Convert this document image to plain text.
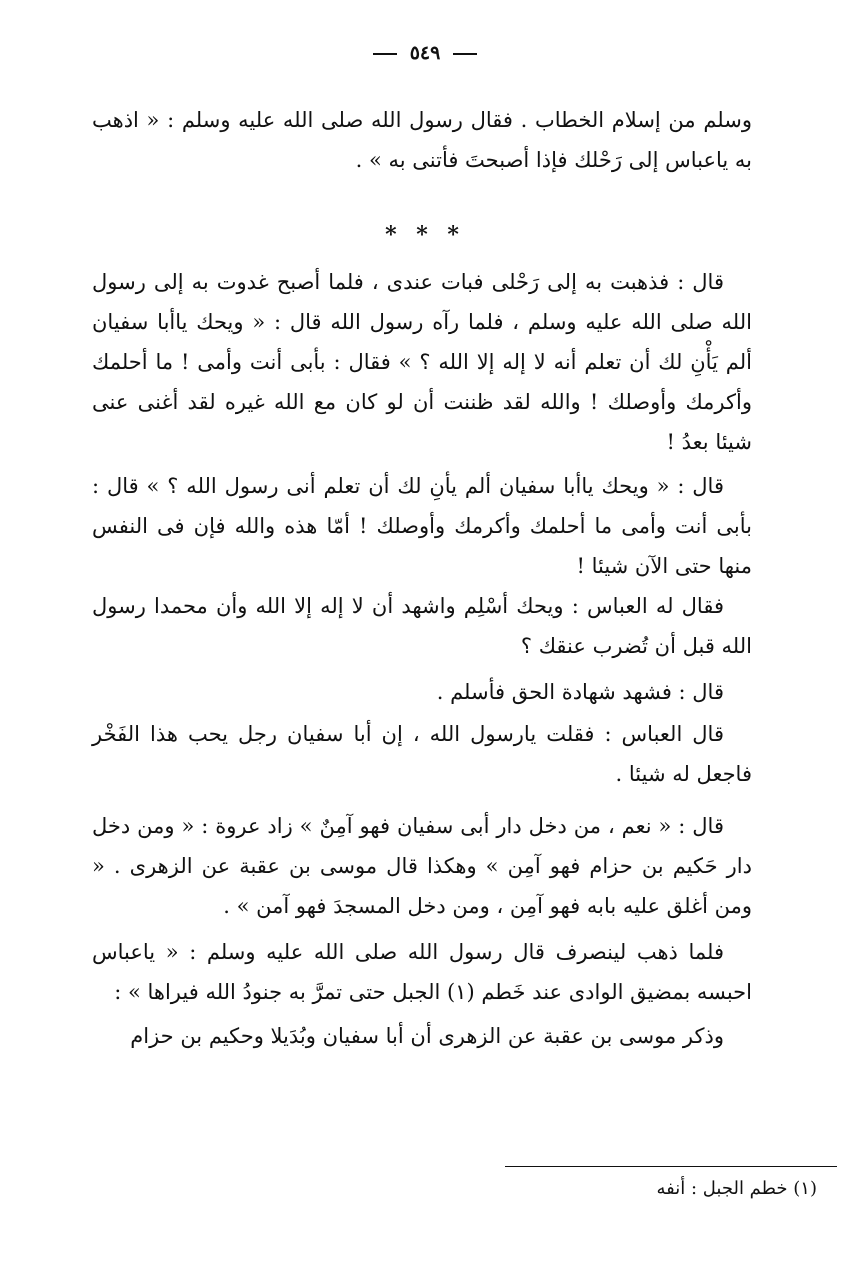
٥٤٩

وسلم من إسلام الخطاب . فقال رسول الله صلى الله عليه وسلم : « اذهب به ياعباس إلى رَحْلك فإذا أصبحتَ فأتنى به » .

* * *

قال : فذهبت به إلى رَحْلى فبات عندى ، فلما أصبح غدوت به إلى رسول الله صلى الله عليه وسلم ، فلما رآه رسول الله قال : « ويحك ياأبا سفيان ألم يَأْنِ لك أن تعلم أنه لا إله إلا الله ؟ » فقال : بأبى أنت وأمى ! ما أحلمك وأكرمك وأوصلك ! والله لقد ظننت أن لو كان مع الله غيره لقد أغنى عنى شيئا بعدُ !

قال : « ويحك ياأبا سفيان ألم يأنِ لك أن تعلم أنى رسول الله ؟ » قال : بأبى أنت وأمى ما أحلمك وأكرمك وأوصلك ! أمّا هذه والله فإن فى النفس منها حتى الآن شيئا !

فقال له العباس : ويحك أسْلِم واشهد أن لا إله إلا الله وأن محمدا رسول الله قبل أن تُضرب عنقك ؟

قال : فشهد شهادة الحق فأسلم .

قال العباس : فقلت يارسول الله ، إن أبا سفيان رجل يحب هذا الفَخْر فاجعل له شيئا .

قال : « نعم ، من دخل دار أبى سفيان فهو آمِنٌ » زاد عروة : « ومن دخل دار حَكيم بن حزام فهو آمِن » وهكذا قال موسى بن عقبة عن الزهرى . « ومن أغلق عليه بابه فهو آمِن ، ومن دخل المسجدَ فهو آمن » .

فلما ذهب لينصرف قال رسول الله صلى الله عليه وسلم : « ياعباس احبسه بمضيق الوادى عند خَطم (١) الجبل حتى تمرَّ به جنودُ الله فيراها » :

وذكر موسى بن عقبة عن الزهرى أن أبا سفيان وبُدَيلا وحكيم بن حزام

(١) خطم الجبل : أنفه
